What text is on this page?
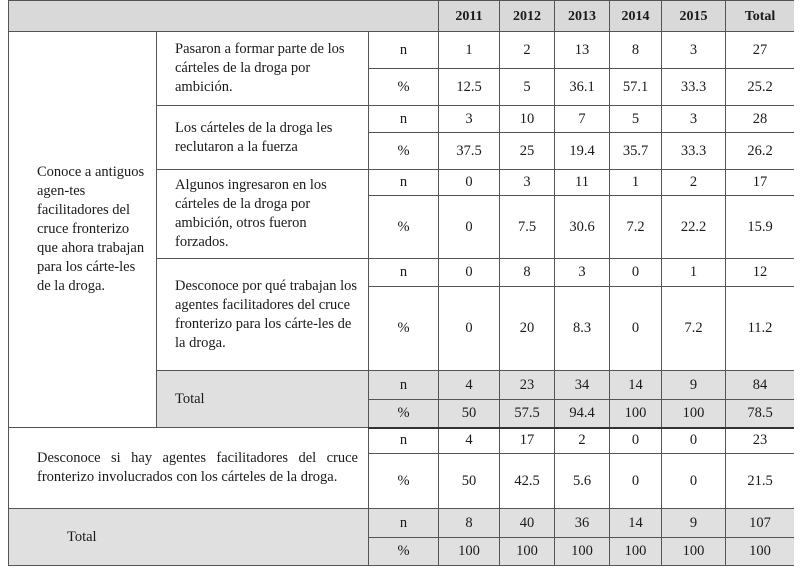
			2011	2012	2013	2014	2015	Total
Conoce a antiguos agen-tes facilitadores del cruce fronterizo que ahora trabajan para los cárte-les de la droga.	Pasaron a formar parte de los cárteles de la droga por ambición.	n	1	2	13	8	3	27
		%	12.5	5	36.1	57.1	33.3	25.2
	Los cárteles de la droga les reclutaron a la fuerza	n	3	10	7	5	3	28
		%	37.5	25	19.4	35.7	33.3	26.2
	Algunos ingresaron en los cárteles de la droga por ambición, otros fueron forzados.	n	0	3	11	1	2	17
		%	0	7.5	30.6	7.2	22.2	15.9
	Desconoce por qué trabajan los agentes facilitadores del cruce fronterizo para los cárte-les de la droga.	n	0	8	3	0	1	12
		%	0	20	8.3	0	7.2	11.2
	Total	n	4	23	34	14	9	84
		%	50	57.5	94.4	100	100	78.5
Desconoce si hay agentes facilitadores del cruce fronterizo involucrados con los cárteles de la droga.		n	4	17	2	0	0	23
		%	50	42.5	5.6	0	0	21.5
Total		n	8	40	36	14	9	107
		%	100	100	100	100	100	100
